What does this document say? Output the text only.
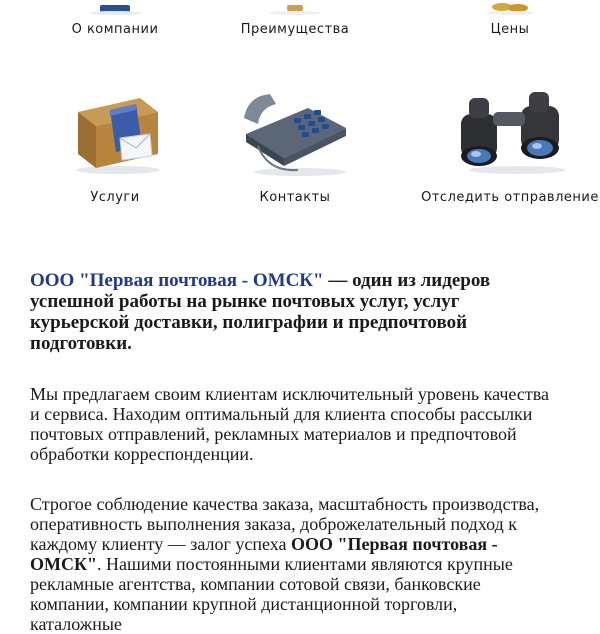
О компании	Преимущества	Цены
Услуги	Контакты	Отследить отправление

ООО "Первая почтовая - ОМСК" — один из лидеров успешной работы на рынке почтовых услуг, услуг курьерской доставки, полиграфии и предпочтовой подготовки.

Мы предлагаем своим клиентам исключительный уровень качества и сервиса. Находим оптимальный для клиента способы рассылки почтовых отправлений, рекламных материалов и предпочтовой обработки корреспонденции.

Строгое соблюдение качества заказа, масштабность производства, оперативность выполнения заказа, доброжелательный подход к каждому клиенту — залог успеха ООО "Первая почтовая - ОМСК". Нашими постоянными клиентами являются крупные рекламные агентства, компании сотовой связи, банковские компании, компании крупной дистанционной торговли, каталожные
